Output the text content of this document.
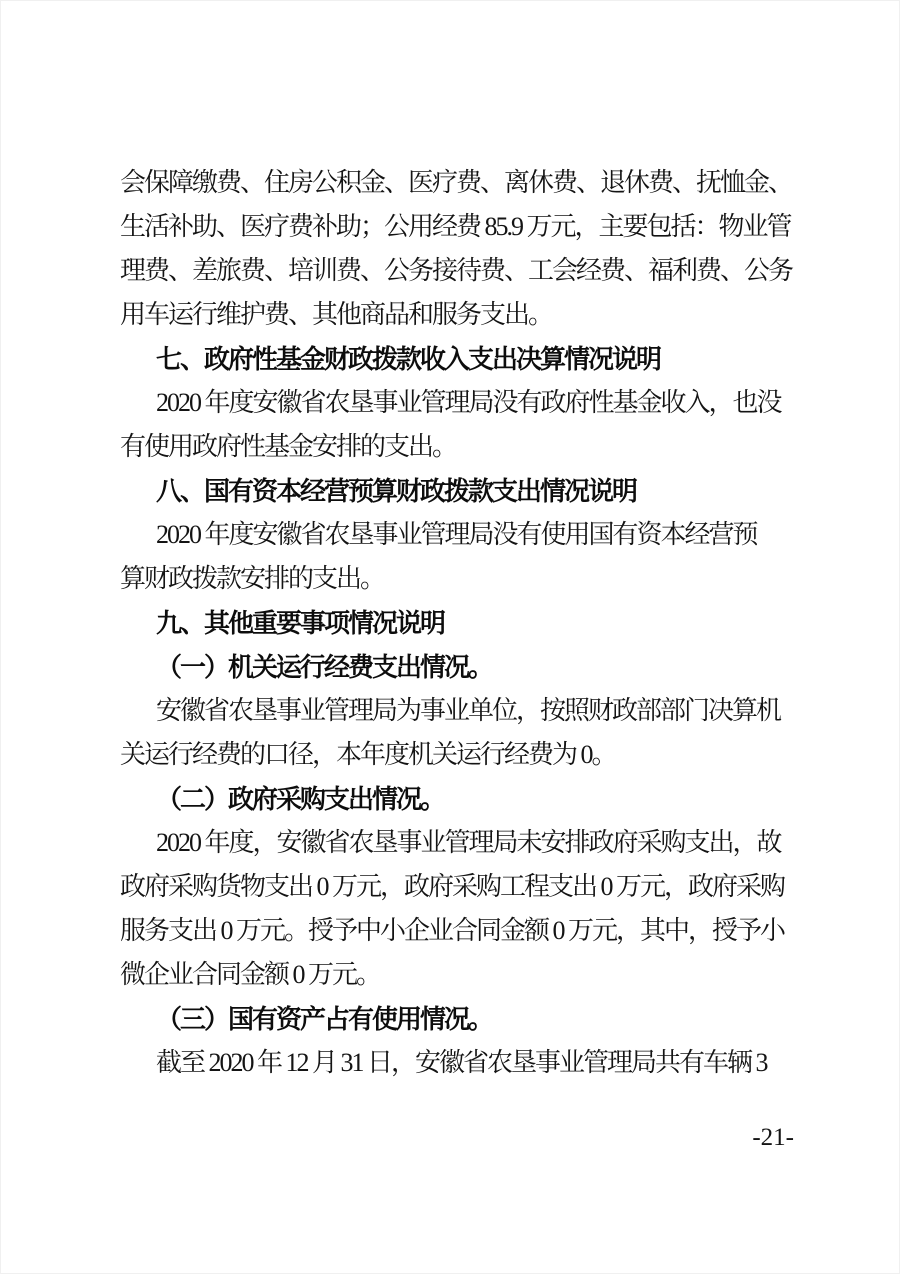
会保障缴费、住房公积金、医疗费、离休费、退休费、抚恤金、
生活补助、医疗费补助；公用经费 85.9 万元，主要包括：物业管
理费、差旅费、培训费、公务接待费、工会经费、福利费、公务
用车运行维护费、其他商品和服务支出。
七、政府性基金财政拨款收入支出决算情况说明
2020 年度安徽省农垦事业管理局没有政府性基金收入，也没
有使用政府性基金安排的支出。
八、国有资本经营预算财政拨款支出情况说明
2020 年度安徽省农垦事业管理局没有使用国有资本经营预
算财政拨款安排的支出。
九、其他重要事项情况说明
（一）机关运行经费支出情况。
安徽省农垦事业管理局为事业单位，按照财政部部门决算机
关运行经费的口径，本年度机关运行经费为 0。
（二）政府采购支出情况。
2020 年度，安徽省农垦事业管理局未安排政府采购支出，故
政府采购货物支出 0 万元，政府采购工程支出 0 万元，政府采购
服务支出 0 万元。授予中小企业合同金额 0 万元，其中，授予小
微企业合同金额 0 万元。
（三）国有资产占有使用情况。
截至 2020 年 12 月 31 日，安徽省农垦事业管理局共有车辆 3
-21-
